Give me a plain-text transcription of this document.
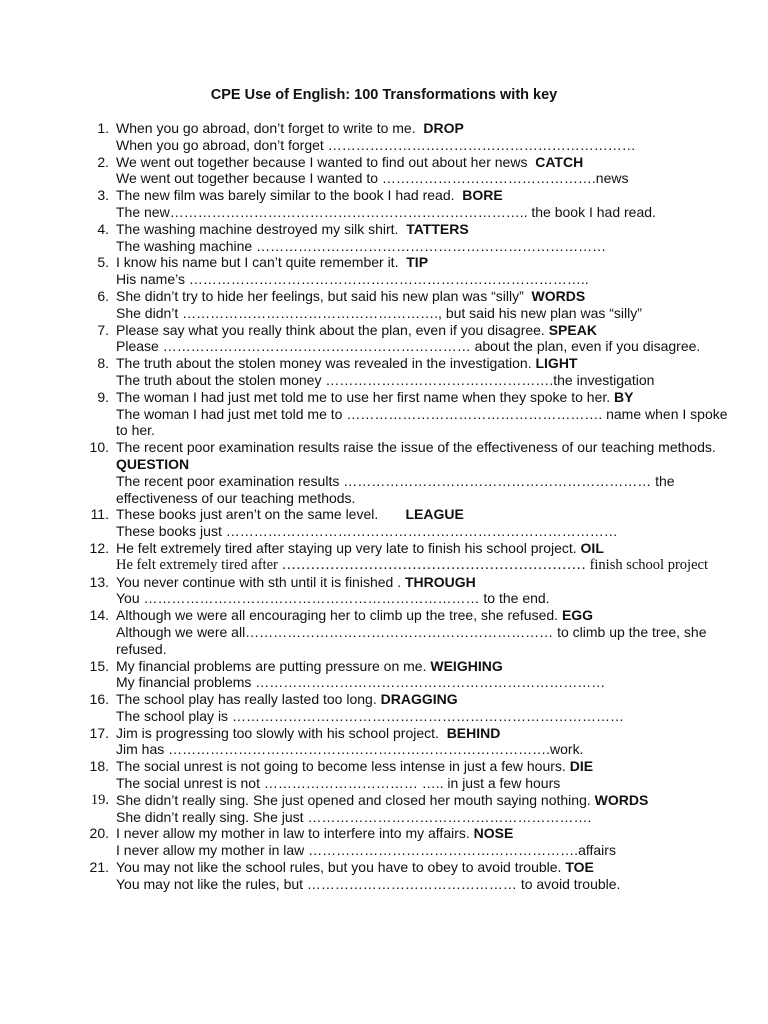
CPE Use of English: 100 Transformations with key
1. When you go abroad, don’t forget to write to me. DROP
When you go abroad, don’t forget …………………………………………………………
2. We went out together because I wanted to find out about her news CATCH
We went out together because I wanted to ……………………………………….news
3. The new film was barely similar to the book I had read. BORE
The new………………………………………………………………….. the book I had read.
4. The washing machine destroyed my silk shirt. TATTERS
The washing machine …………………………………………………………………
5. I know his name but I can’t quite remember it. TIP
His name’s …………………………………………………………………………..
6. She didn’t try to hide her feelings, but said his new plan was “silly” WORDS
She didn’t ………………………………………………., but said his new plan was “silly”
7. Please say what you really think about the plan, even if you disagree. SPEAK
Please ………………………………………………………… about the plan, even if you disagree.
8. The truth about the stolen money was revealed in the investigation. LIGHT
The truth about the stolen money ………………………………………….the investigation
9. The woman I had just met told me to use her first name when they spoke to her. BY
The woman I had just met told me to ………………………………………………. name when I spoke to her.
10. The recent poor examination results raise the issue of the effectiveness of our teaching methods.  QUESTION
The recent poor examination results ………………………………………………………… the effectiveness of our teaching methods.
11. These books just aren’t on the same level. LEAGUE
These books just …………………………………………………………………………
12. He felt extremely tired after staying up very late to finish his school project. OIL
He felt extremely tired after ……………………………………………………… finish school project
13. You never continue with sth until it is finished . THROUGH
You ……………………………………………………………… to the end.
14. Although we were all encouraging her to climb up the tree, she refused. EGG
Although we were all………………………………………………………… to climb up the tree, she refused.
15. My financial problems are putting pressure on me. WEIGHING
My financial problems …………………………………………………………………
16. The school play has really lasted too long. DRAGGING
The school play is …………………………………………………………………………
17. Jim is progressing too slowly with his school project. BEHIND
Jim has ……………………………………………………………………….work.
18. The social unrest is not going to become less intense in just a few hours. DIE
The social unrest is not …………………………… ….. in just a few hours
19. She didn’t really sing. She just opened and closed her mouth saying nothing. WORDS
She didn’t really sing. She just …………………………………………………….
20. I never allow my mother in law to interfere into my affairs. NOSE
I never allow my mother in law ………………………………………………….affairs
21. You may not like the school rules, but you have to obey to avoid trouble. TOE
You may not like the rules, but ……………………………………… to avoid trouble.
